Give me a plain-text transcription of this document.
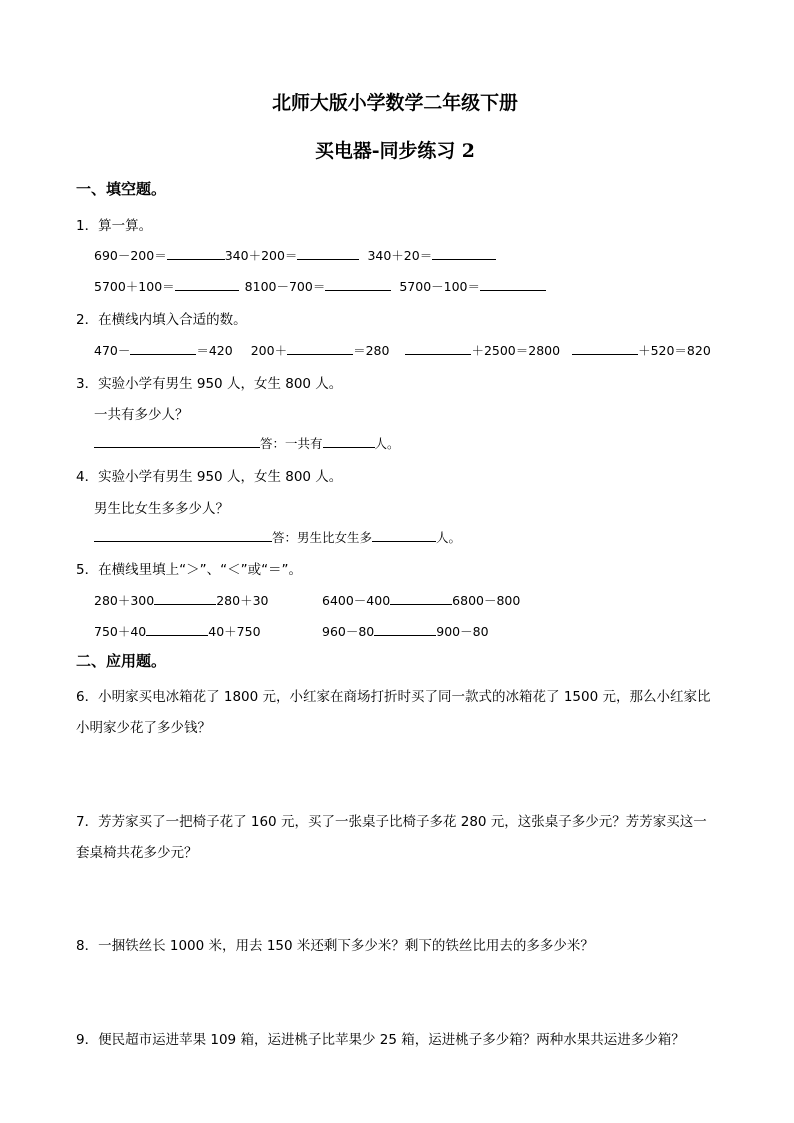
北师大版小学数学二年级下册
买电器-同步练习 2
一、填空题。
1．算一算。
690－200＝	340＋200＝	340＋20＝
5700＋100＝	8100－700＝	5700－100＝
2．在横线内填入合适的数。
470－	＝420 200＋	＝280	＋2500＝2800	＋520＝820
3．实验小学有男生 950 人，女生 800 人。
一共有多少人？
答：一共有	人。
4．实验小学有男生 950 人，女生 800 人。
男生比女生多多少人？
答：男生比女生多	人。
5．在横线里填上“＞”、“＜”或“＝”。
280＋300	280＋30	6400－400	6800－800
750＋40	40＋750	960－80	900－80
二、应用题。
6．小明家买电冰箱花了 1800 元，小红家在商场打折时买了同一款式的冰箱花了 1500 元，那么小红家比
小明家少花了多少钱？
7．芳芳家买了一把椅子花了 160 元，买了一张桌子比椅子多花 280 元，这张桌子多少元？芳芳家买这一
套桌椅共花多少元？
8．一捆铁丝长 1000 米，用去 150 米还剩下多少米？剩下的铁丝比用去的多多少米？
9．便民超市运进苹果 109 箱，运进桃子比苹果少 25 箱，运进桃子多少箱？两种水果共运进多少箱？
